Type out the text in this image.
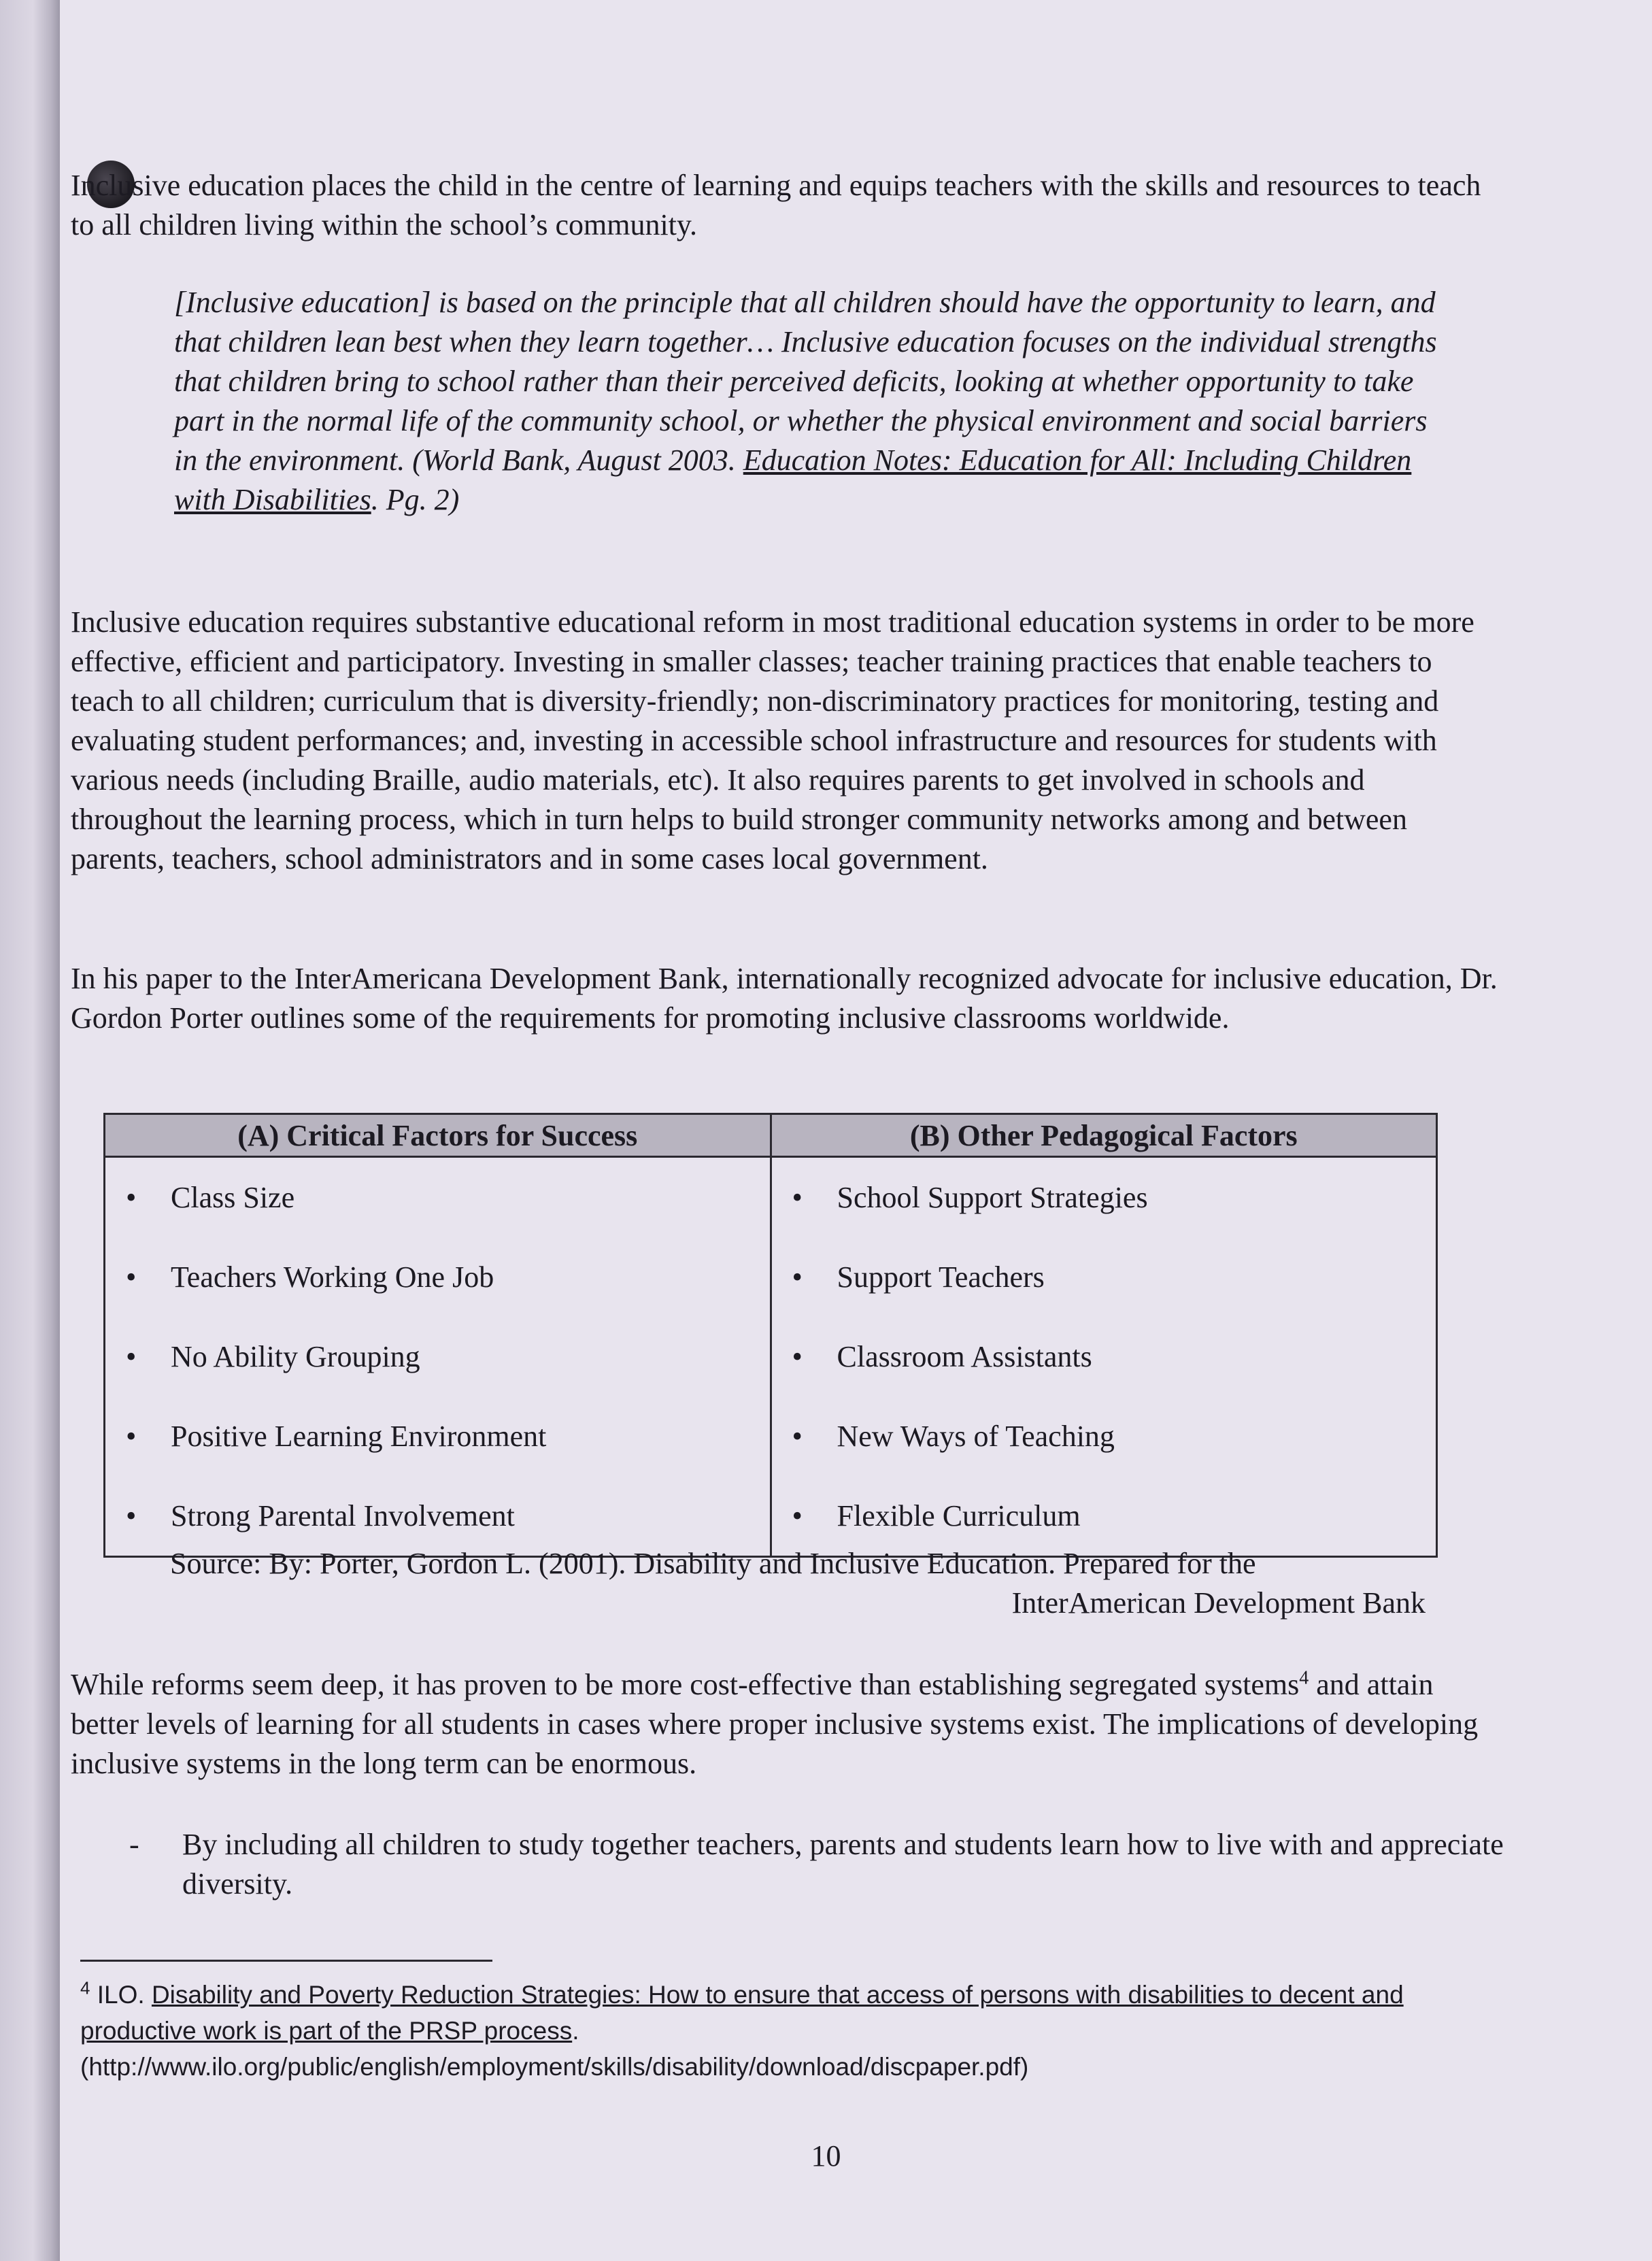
Inclusive education places the child in the centre of learning and equips teachers with the skills and resources to teach to all children living within the school’s community.

[Inclusive education] is based on the principle that all children should have the opportunity to learn, and that children lean best when they learn together… Inclusive education focuses on the individual strengths that children bring to school rather than their perceived deficits, looking at whether opportunity to take part in the normal life of the community school, or whether the physical environment and social barriers in the environment. (World Bank, August 2003. Education Notes: Education for All: Including Children with Disabilities. Pg. 2)

Inclusive education requires substantive educational reform in most traditional education systems in order to be more effective, efficient and participatory. Investing in smaller classes; teacher training practices that enable teachers to teach to all children; curriculum that is diversity-friendly; non-discriminatory practices for monitoring, testing and evaluating student performances; and, investing in accessible school infrastructure and resources for students with various needs (including Braille, audio materials, etc). It also requires parents to get involved in schools and throughout the learning process, which in turn helps to build stronger community networks among and between parents, teachers, school administrators and in some cases local government.

In his paper to the InterAmericana Development Bank, internationally recognized advocate for inclusive education, Dr. Gordon Porter outlines some of the requirements for promoting inclusive classrooms worldwide.

(A) Critical Factors for Success	(B) Other Pedagogical Factors
• Class Size	• School Support Strategies
• Teachers Working One Job	• Support Teachers
• No Ability Grouping	• Classroom Assistants
• Positive Learning Environment	• New Ways of Teaching
• Strong Parental Involvement	• Flexible Curriculum
Source: By: Porter, Gordon L. (2001). Disability and Inclusive Education. Prepared for the
InterAmerican Development Bank

While reforms seem deep, it has proven to be more cost-effective than establishing segregated systems$^4$ and attain better levels of learning for all students in cases where proper inclusive systems exist. The implications of developing inclusive systems in the long term can be enormous.

- By including all children to study together teachers, parents and students learn how to live with and appreciate diversity.
$^4$ ILO. Disability and Poverty Reduction Strategies: How to ensure that access of persons with disabilities to decent and productive work is part of the PRSP process.
(http://www.ilo.org/public/english/employment/skills/disability/download/discpaper.pdf)
10
